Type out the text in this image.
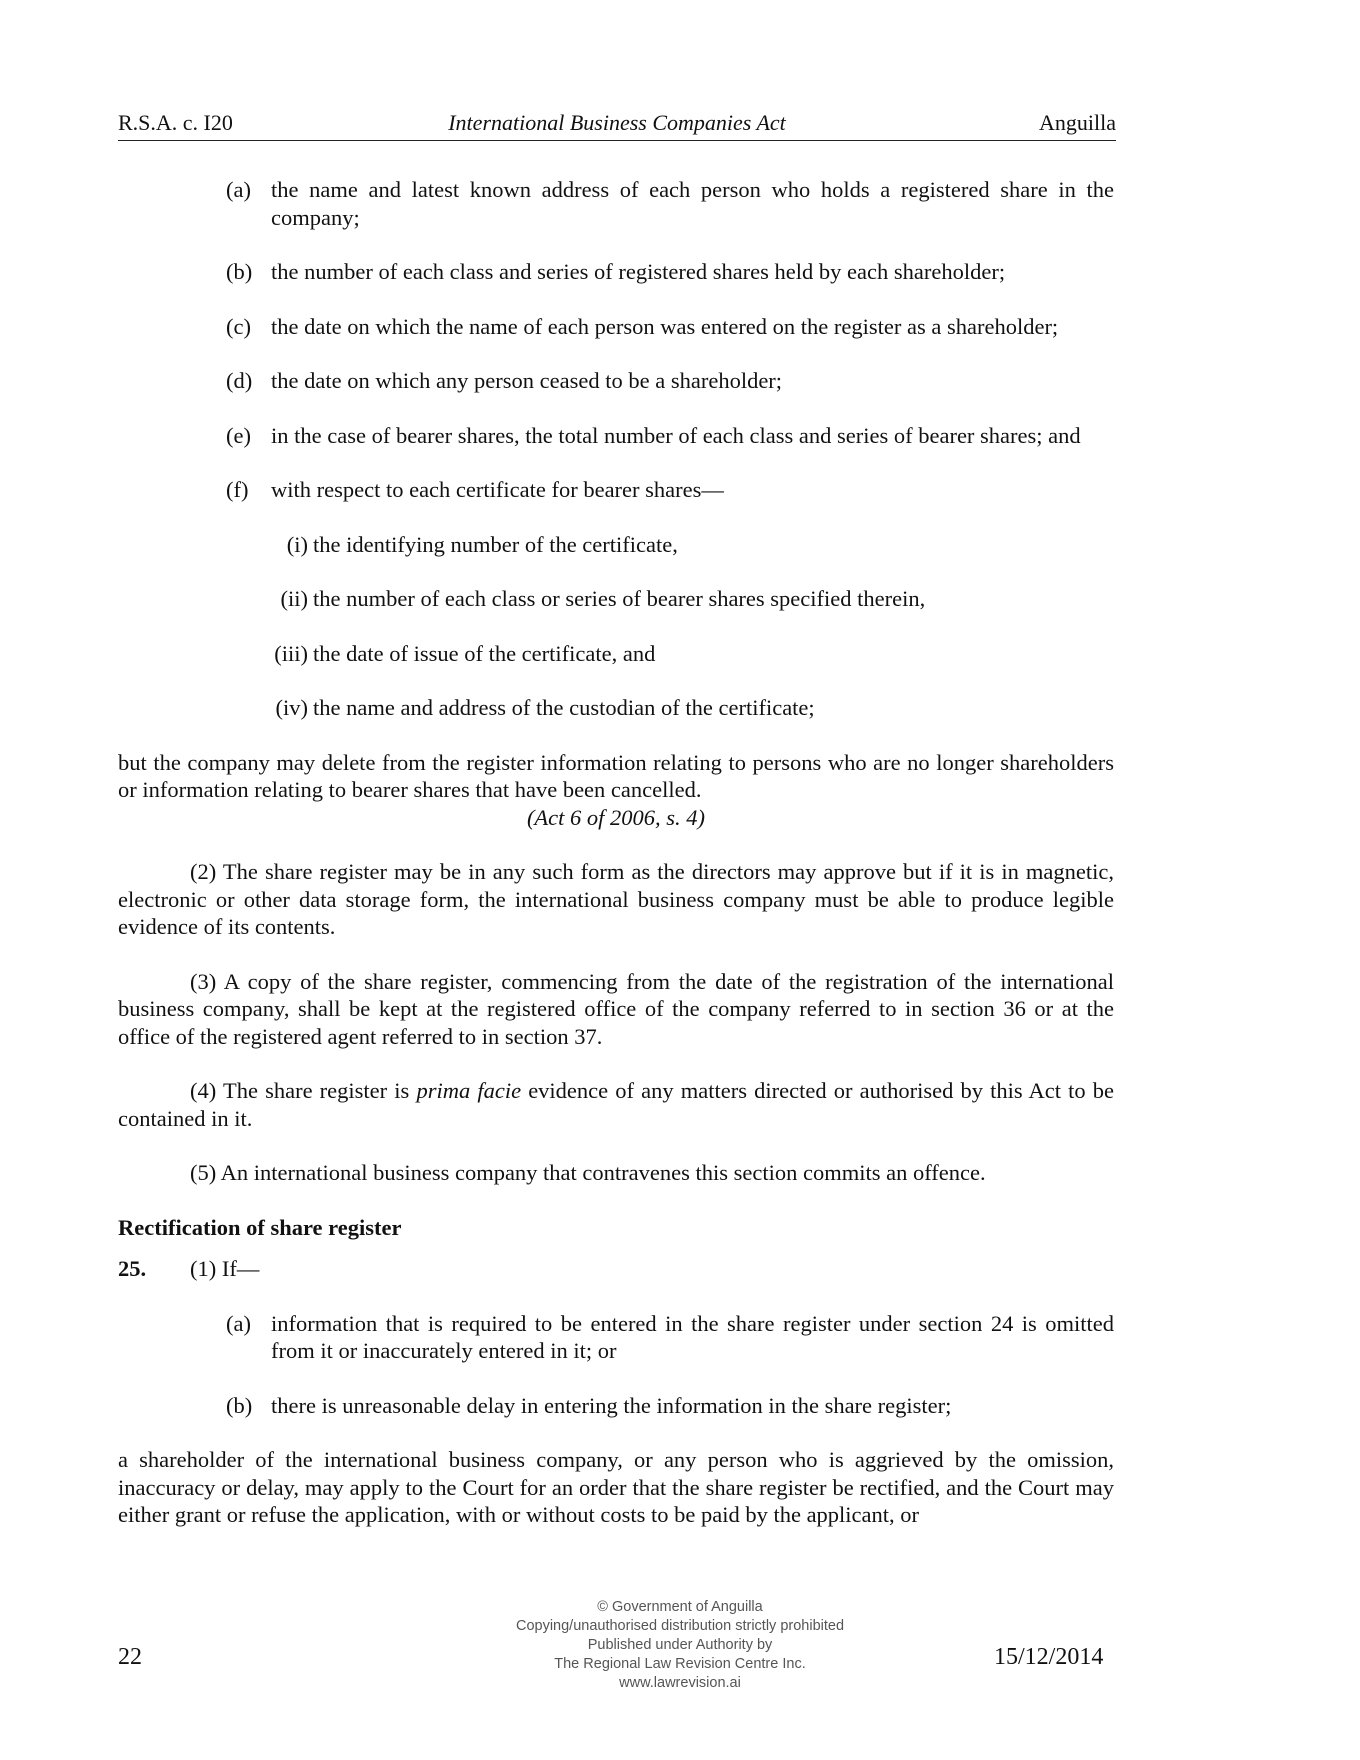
R.S.A. c. I20	International Business Companies Act	Anguilla
(a) the name and latest known address of each person who holds a registered share in the company;
(b) the number of each class and series of registered shares held by each shareholder;
(c) the date on which the name of each person was entered on the register as a shareholder;
(d) the date on which any person ceased to be a shareholder;
(e) in the case of bearer shares, the total number of each class and series of bearer shares; and
(f) with respect to each certificate for bearer shares—
(i) the identifying number of the certificate,
(ii) the number of each class or series of bearer shares specified therein,
(iii) the date of issue of the certificate, and
(iv) the name and address of the custodian of the certificate;

but the company may delete from the register information relating to persons who are no longer shareholders or information relating to bearer shares that have been cancelled.

(Act 6 of 2006, s. 4)

(2) The share register may be in any such form as the directors may approve but if it is in magnetic, electronic or other data storage form, the international business company must be able to produce legible evidence of its contents.

(3) A copy of the share register, commencing from the date of the registration of the international business company, shall be kept at the registered office of the company referred to in section 36 or at the office of the registered agent referred to in section 37.

(4) The share register is prima facie evidence of any matters directed or authorised by this Act to be contained in it.

(5) An international business company that contravenes this section commits an offence.

Rectification of share register

25. (1) If—
(a) information that is required to be entered in the share register under section 24 is omitted from it or inaccurately entered in it; or
(b) there is unreasonable delay in entering the information in the share register;

a shareholder of the international business company, or any person who is aggrieved by the omission, inaccuracy or delay, may apply to the Court for an order that the share register be rectified, and the Court may either grant or refuse the application, with or without costs to be paid by the applicant, or

22
© Government of Anguilla
Copying/unauthorised distribution strictly prohibited
Published under Authority by
The Regional Law Revision Centre Inc.
www.lawrevision.ai
15/12/2014
